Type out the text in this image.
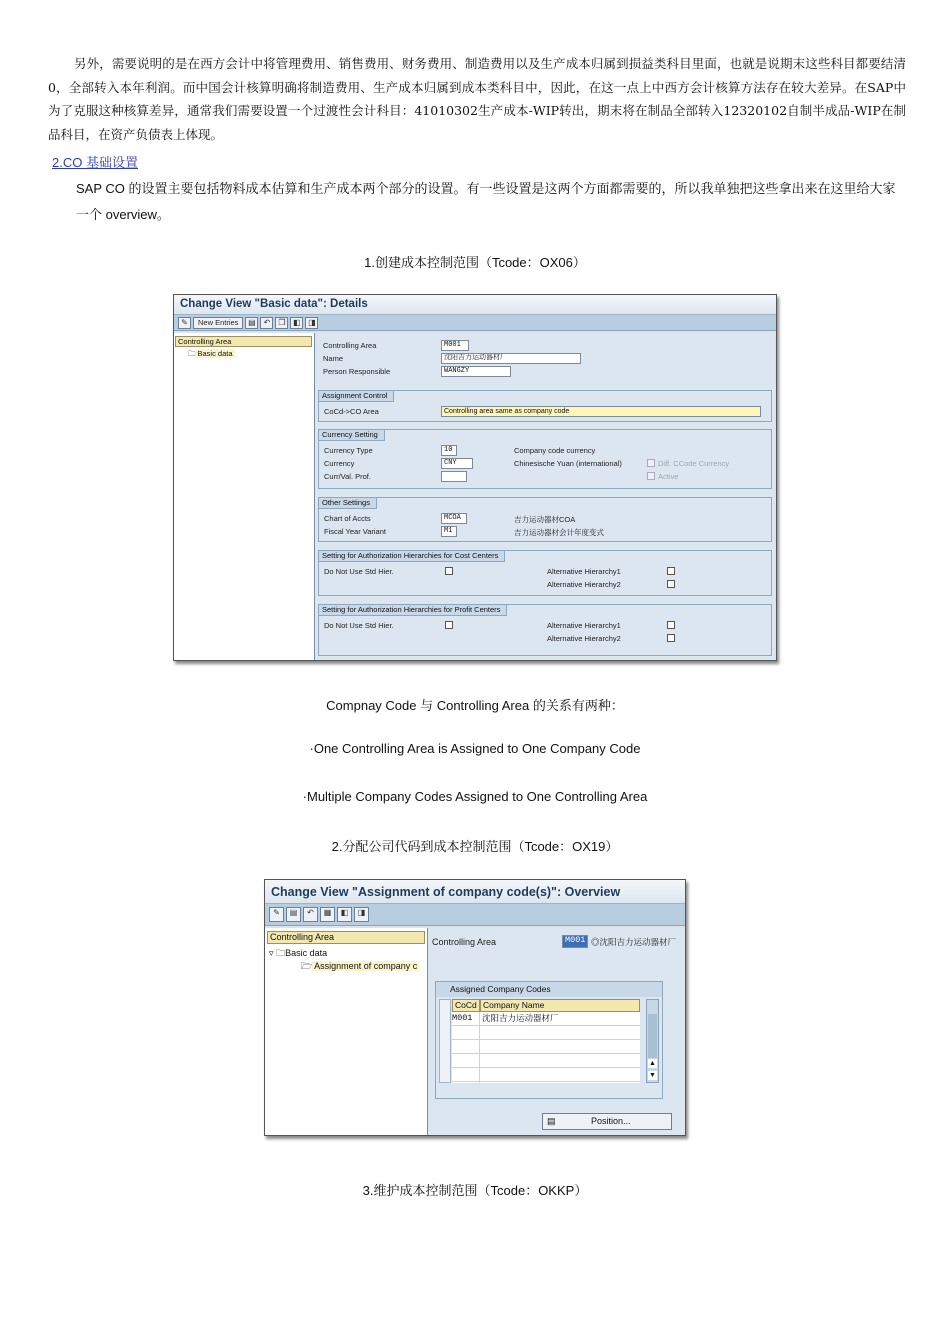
另外，需要说明的是在西方会计中将管理费用、销售费用、财务费用、制造费用以及生产成本归属到损益类科目里面，也就是说期末这些科目都要结清0，全部转入本年利润。而中国会计核算明确将制造费用、生产成本归属到成本类科目中，因此，在这一点上中西方会计核算方法存在较大差异。在SAP中为了克服这种核算差异，通常我们需要设置一个过渡性会计科目：41010302生产成本-WIP转出，期末将在制品全部转入12320102自制半成品-WIP在制品科目，在资产负债表上体现。
2.CO 基础设置
SAP CO 的设置主要包括物料成本估算和生产成本两个部分的设置。有一些设置是这两个方面都需要的，所以我单独把这些拿出来在这里给大家一个 overview。
1.创建成本控制范围（Tcode：OX06）
Change View "Basic data": Details
✎	New Entries	▤ ↶	❐ ◧ ◨
Controlling Area
🗀 Basic data
Controlling Area	M001
Name	沈阳吉力运动器材厂
Person Responsible	WANGZY
Assignment Control
CoCd->CO Area	Controlling area same as company code
Currency Setting
Currency Type	10	Company code currency
Currency	CNY	Chinesische Yuan (international)	Diff. CCode Currency
Active
Curr/Val. Prof.
Other Settings
Chart of Accts	MCOA	吉力运动器材COA
Fiscal Year Variant	M1	吉力运动器材会计年度变式
Setting for Authorization Hierarchies for Cost Centers
Do Not Use Std Hier.	Alternative Hierarchy1
Alternative Hierarchy2
Setting for Authorization Hierarchies for Profit Centers
Do Not Use Std Hier.	Alternative Hierarchy1
Alternative Hierarchy2
Compnay Code 与 Controlling Area 的关系有两种：
·One Controlling Area is Assigned to One Company Code
·Multiple Company Codes Assigned to One Controlling Area
2.分配公司代码到成本控制范围（Tcode：OX19）
Change View "Assignment of company code(s)": Overview
✎	▤	↶	▦	◧	◨
Controlling Area
▿ 🗀Basic data
🗁 Assignment of company c
Controlling Area	M001 ◎沈阳吉力运动器材厂
Assigned Company Codes
CoCd Company Name
M001	沈阳吉力运动器材厂
▲
▼
▤	Position...
3.维护成本控制范围（Tcode：OKKP）
